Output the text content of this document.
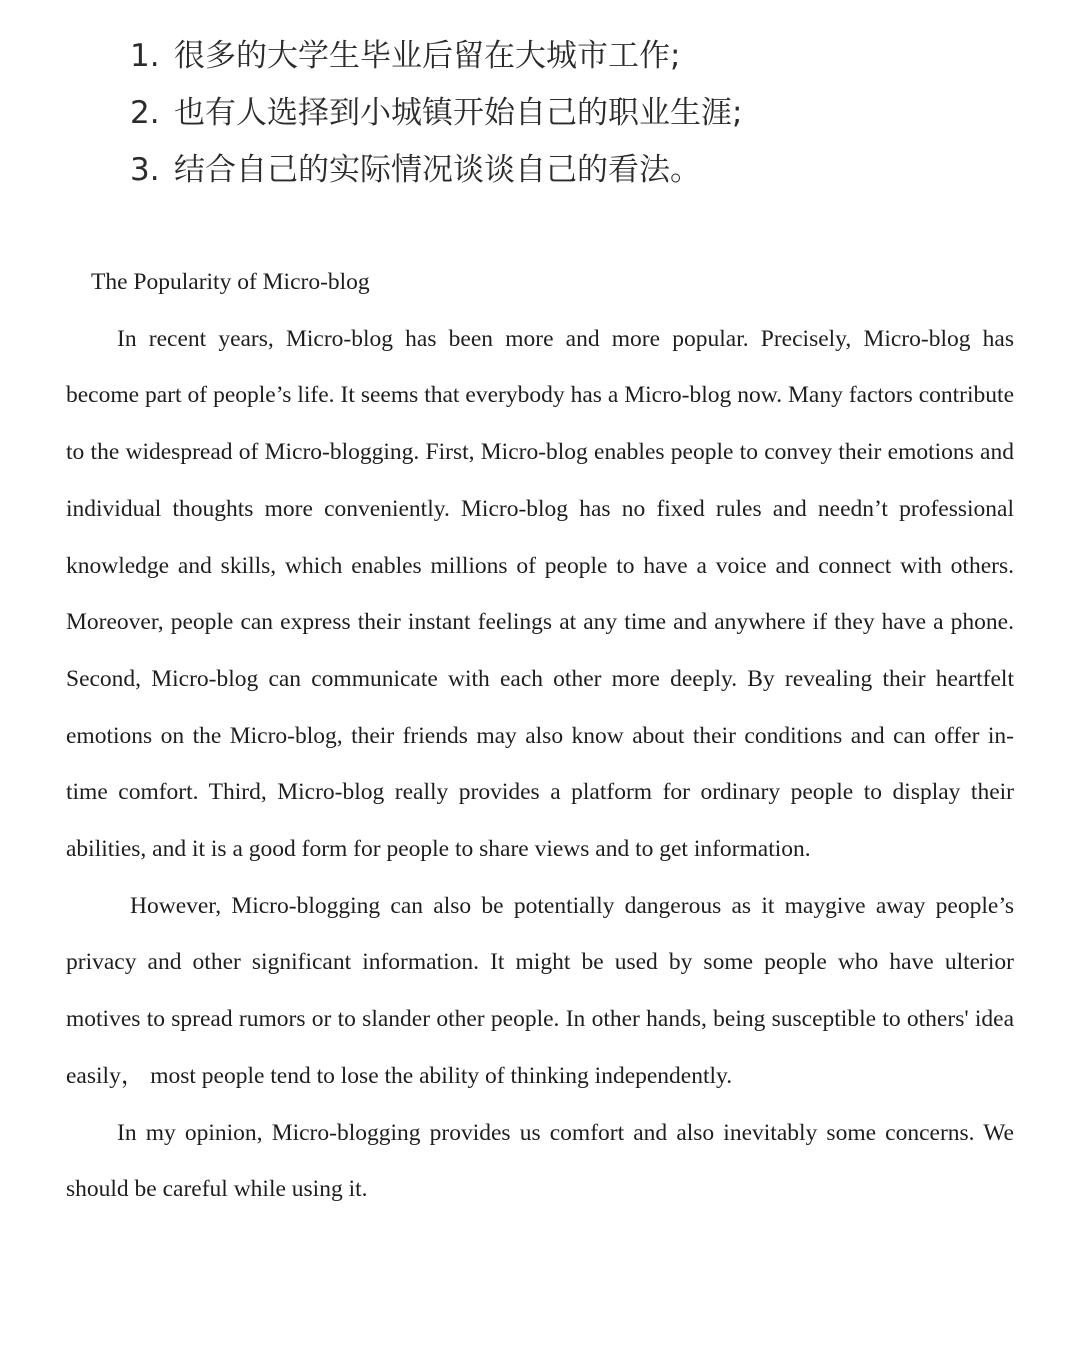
1. 很多的大学生毕业后留在大城市工作;
2. 也有人选择到小城镇开始自己的职业生涯;
3. 结合自己的实际情况谈谈自己的看法。
The Popularity of Micro-blog

In recent years, Micro-blog has been more and more popular. Precisely, Micro-blog has become part of people’s life. It seems that everybody has a Micro-blog now. Many factors contribute to the widespread of Micro-blogging. First, Micro-blog enables people to convey their emotions and individual thoughts more conveniently. Micro-blog has no fixed rules and needn’t professional knowledge and skills, which enables millions of people to have a voice and connect with others. Moreover, people can express their instant feelings at any time and anywhere if they have a phone. Second, Micro-blog can communicate with each other more deeply. By revealing their heartfelt emotions on the Micro-blog, their friends may also know about their conditions and can offer in-time comfort. Third, Micro-blog really provides a platform for ordinary people to display their abilities, and it is a good form for people to share views and to get information.

However, Micro-blogging can also be potentially dangerous as it maygive away people’s privacy and other significant information. It might be used by some people who have ulterior motives to spread rumors or to slander other people. In other hands, being susceptible to others' idea easily， most people tend to lose the ability of thinking independently.

In my opinion, Micro-blogging provides us comfort and also inevitably some concerns. We should be careful while using it.
